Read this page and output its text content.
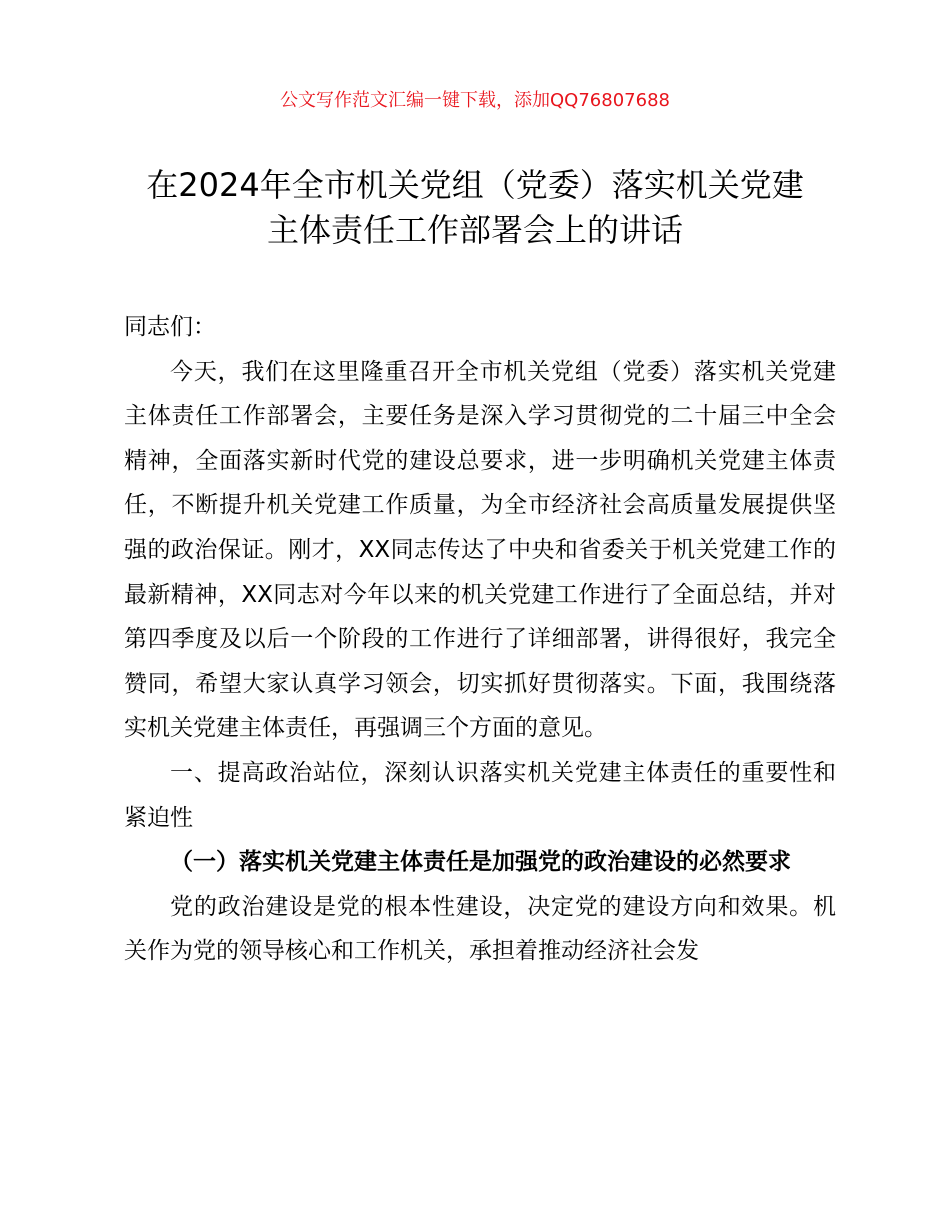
公文写作范文汇编一键下载，添加QQ76807688
在2024年全市机关党组（党委）落实机关党建
主体责任工作部署会上的讲话

同志们：

今天，我们在这里隆重召开全市机关党组（党委）落实机关党建主体责任工作部署会，主要任务是深入学习贯彻党的二十届三中全会精神，全面落实新时代党的建设总要求，进一步明确机关党建主体责任，不断提升机关党建工作质量，为全市经济社会高质量发展提供坚强的政治保证。刚才，XX同志传达了中央和省委关于机关党建工作的最新精神，XX同志对今年以来的机关党建工作进行了全面总结，并对第四季度及以后一个阶段的工作进行了详细部署，讲得很好，我完全赞同，希望大家认真学习领会，切实抓好贯彻落实。下面，我围绕落实机关党建主体责任，再强调三个方面的意见。

一、提高政治站位，深刻认识落实机关党建主体责任的重要性和紧迫性

（一）落实机关党建主体责任是加强党的政治建设的必然要求

党的政治建设是党的根本性建设，决定党的建设方向和效果。机关作为党的领导核心和工作机关，承担着推动经济社会发
